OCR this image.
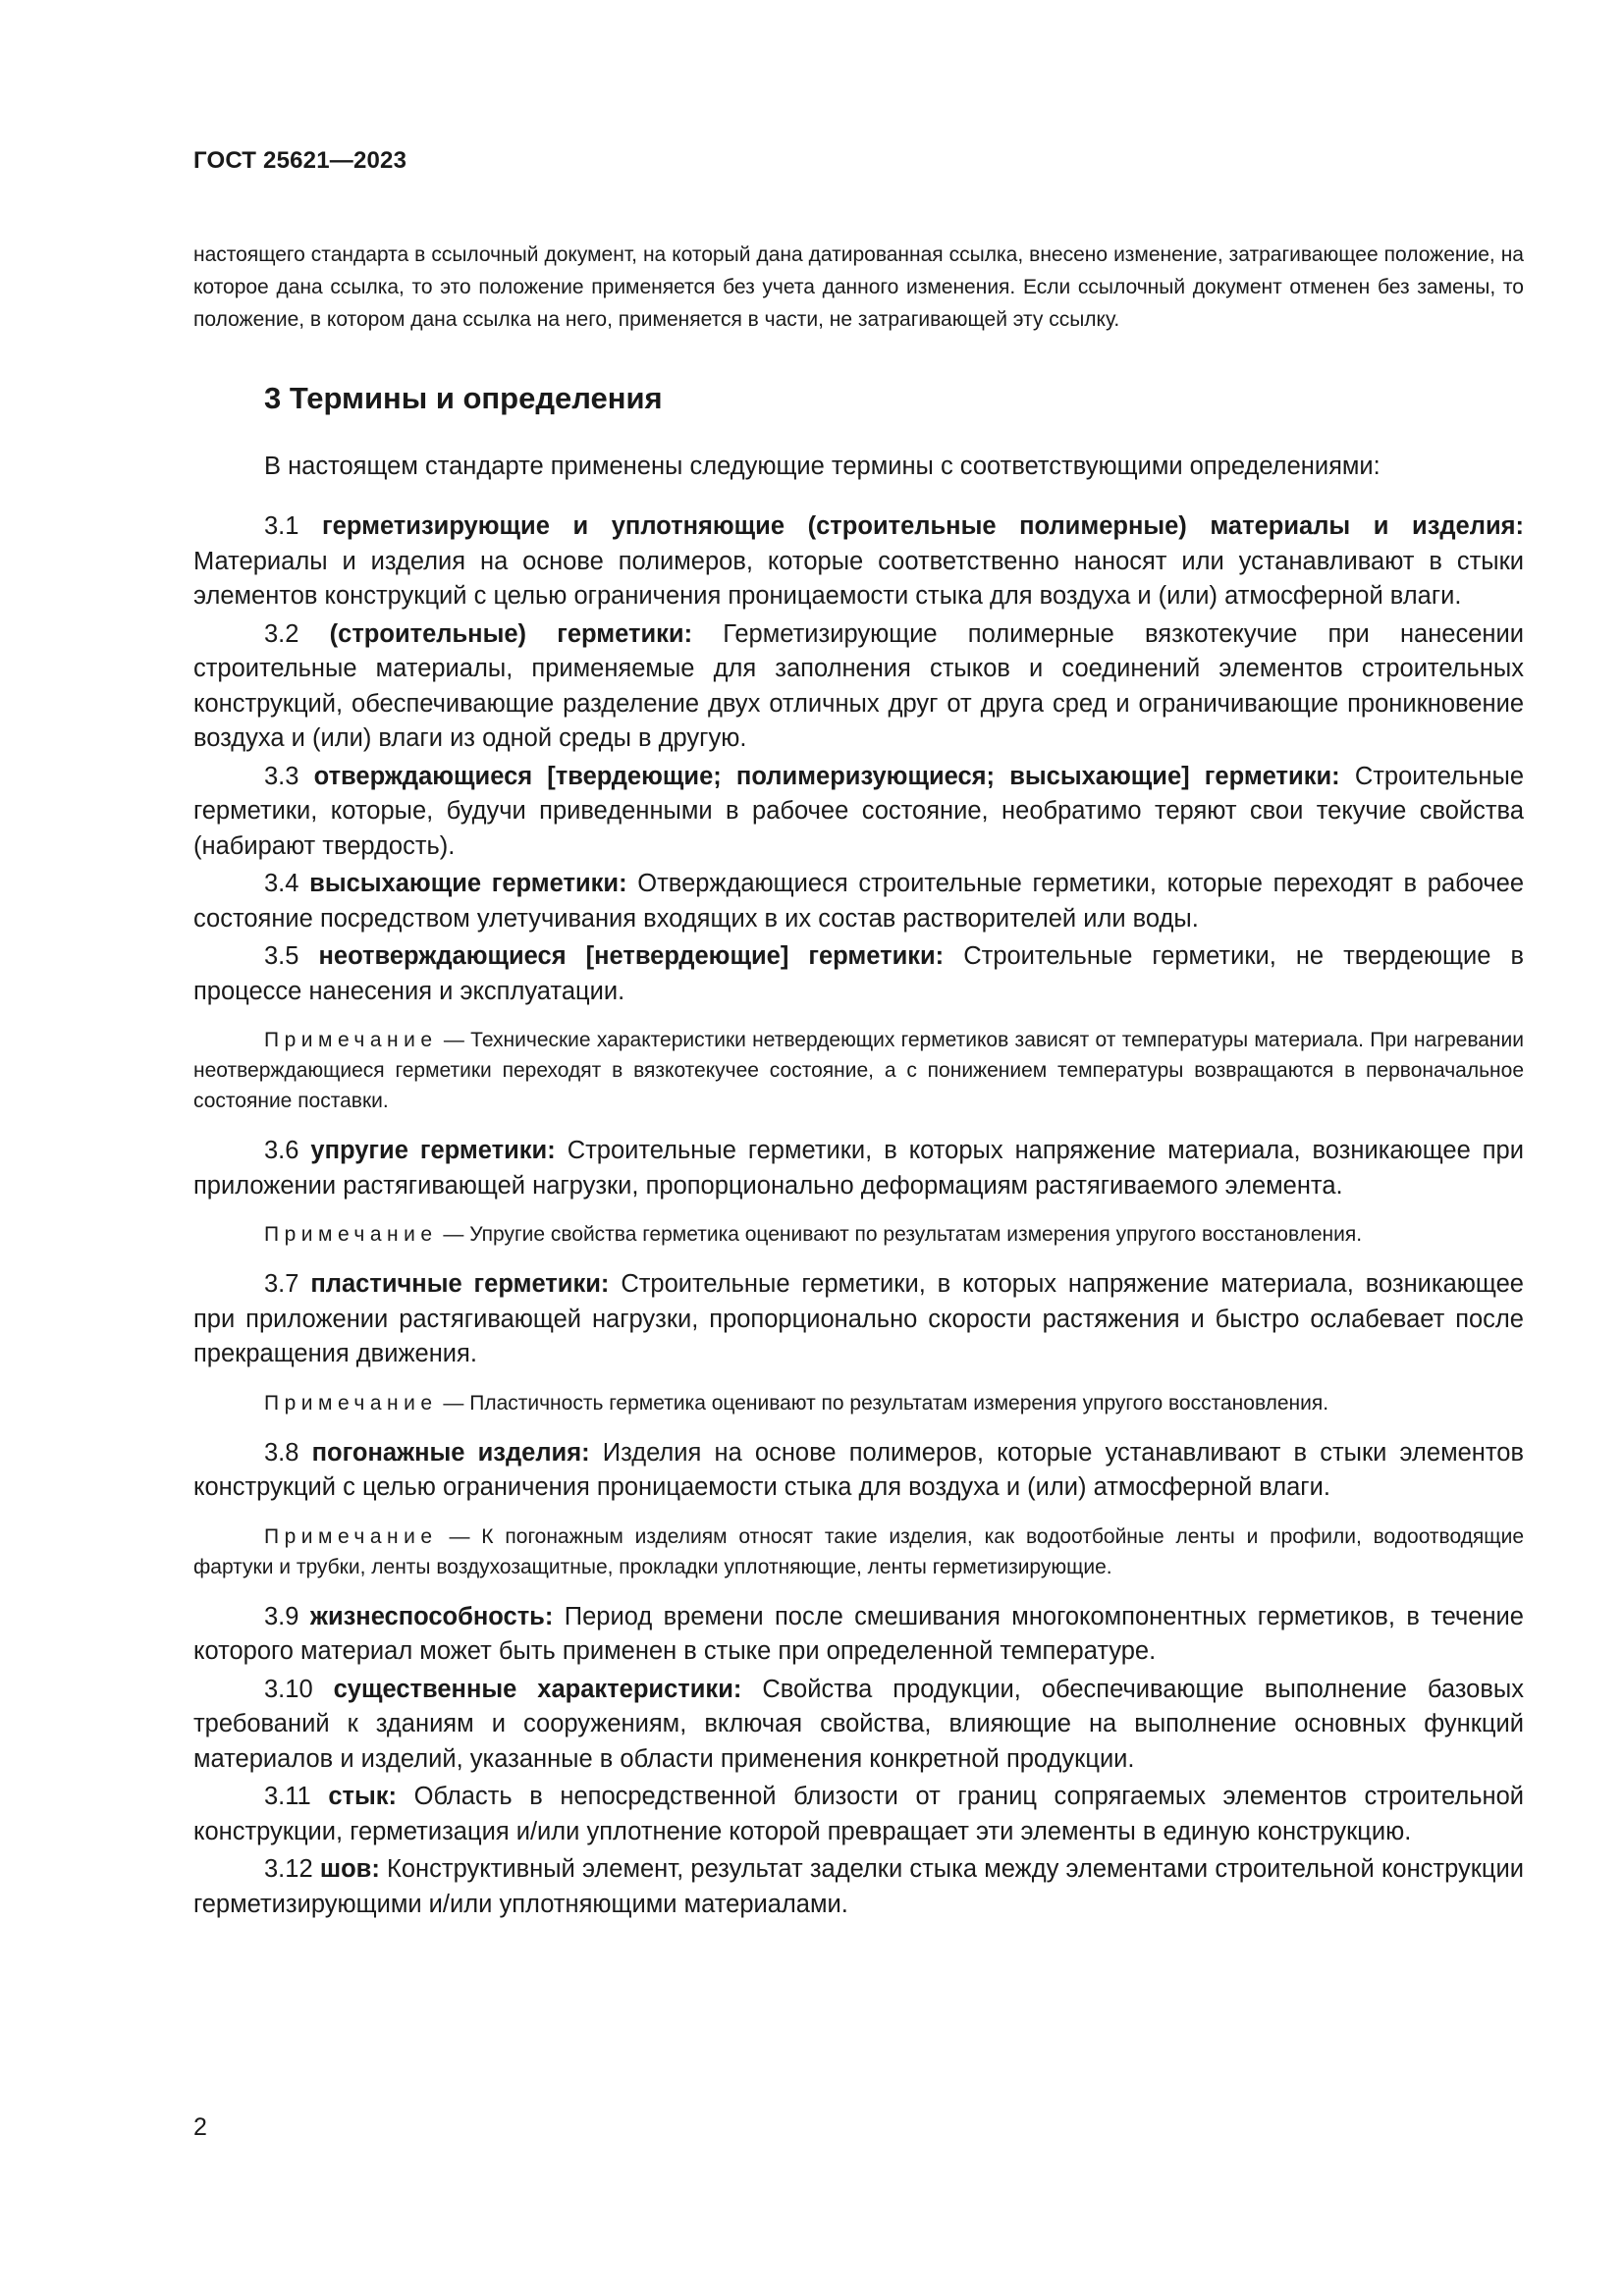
ГОСТ 25621—2023

настоящего стандарта в ссылочный документ, на который дана датированная ссылка, внесено изменение, затрагивающее положение, на которое дана ссылка, то это положение применяется без учета данного изменения. Если ссылочный документ отменен без замены, то положение, в котором дана ссылка на него, применяется в части, не затрагивающей эту ссылку.

3 Термины и определения

В настоящем стандарте применены следующие термины с соответствующими определениями:

3.1 герметизирующие и уплотняющие (строительные полимерные) материалы и изделия: Материалы и изделия на основе полимеров, которые соответственно наносят или устанавливают в стыки элементов конструкций с целью ограничения проницаемости стыка для воздуха и (или) атмосферной влаги.

3.2 (строительные) герметики: Герметизирующие полимерные вязкотекучие при нанесении строительные материалы, применяемые для заполнения стыков и соединений элементов строительных конструкций, обеспечивающие разделение двух отличных друг от друга сред и ограничивающие проникновение воздуха и (или) влаги из одной среды в другую.

3.3 отверждающиеся [твердеющие; полимеризующиеся; высыхающие] герметики: Строительные герметики, которые, будучи приведенными в рабочее состояние, необратимо теряют свои текучие свойства (набирают твердость).

3.4 высыхающие герметики: Отверждающиеся строительные герметики, которые переходят в рабочее состояние посредством улетучивания входящих в их состав растворителей или воды.

3.5 неотверждающиеся [нетвердеющие] герметики: Строительные герметики, не твердеющие в процессе нанесения и эксплуатации.

Примечание — Технические характеристики нетвердеющих герметиков зависят от температуры материала. При нагревании неотверждающиеся герметики переходят в вязкотекучее состояние, а с понижением температуры возвращаются в первоначальное состояние поставки.

3.6 упругие герметики: Строительные герметики, в которых напряжение материала, возникающее при приложении растягивающей нагрузки, пропорционально деформациям растягиваемого элемента.

Примечание — Упругие свойства герметика оценивают по результатам измерения упругого восстановления.

3.7 пластичные герметики: Строительные герметики, в которых напряжение материала, возникающее при приложении растягивающей нагрузки, пропорционально скорости растяжения и быстро ослабевает после прекращения движения.

Примечание — Пластичность герметика оценивают по результатам измерения упругого восстановления.

3.8 погонажные изделия: Изделия на основе полимеров, которые устанавливают в стыки элементов конструкций с целью ограничения проницаемости стыка для воздуха и (или) атмосферной влаги.

Примечание — К погонажным изделиям относят такие изделия, как водоотбойные ленты и профили, водоотводящие фартуки и трубки, ленты воздухозащитные, прокладки уплотняющие, ленты герметизирующие.

3.9 жизнеспособность: Период времени после смешивания многокомпонентных герметиков, в течение которого материал может быть применен в стыке при определенной температуре.

3.10 существенные характеристики: Свойства продукции, обеспечивающие выполнение базовых требований к зданиям и сооружениям, включая свойства, влияющие на выполнение основных функций материалов и изделий, указанные в области применения конкретной продукции.

3.11 стык: Область в непосредственной близости от границ сопрягаемых элементов строительной конструкции, герметизация и/или уплотнение которой превращает эти элементы в единую конструкцию.

3.12 шов: Конструктивный элемент, результат заделки стыка между элементами строительной конструкции герметизирующими и/или уплотняющими материалами.

2
